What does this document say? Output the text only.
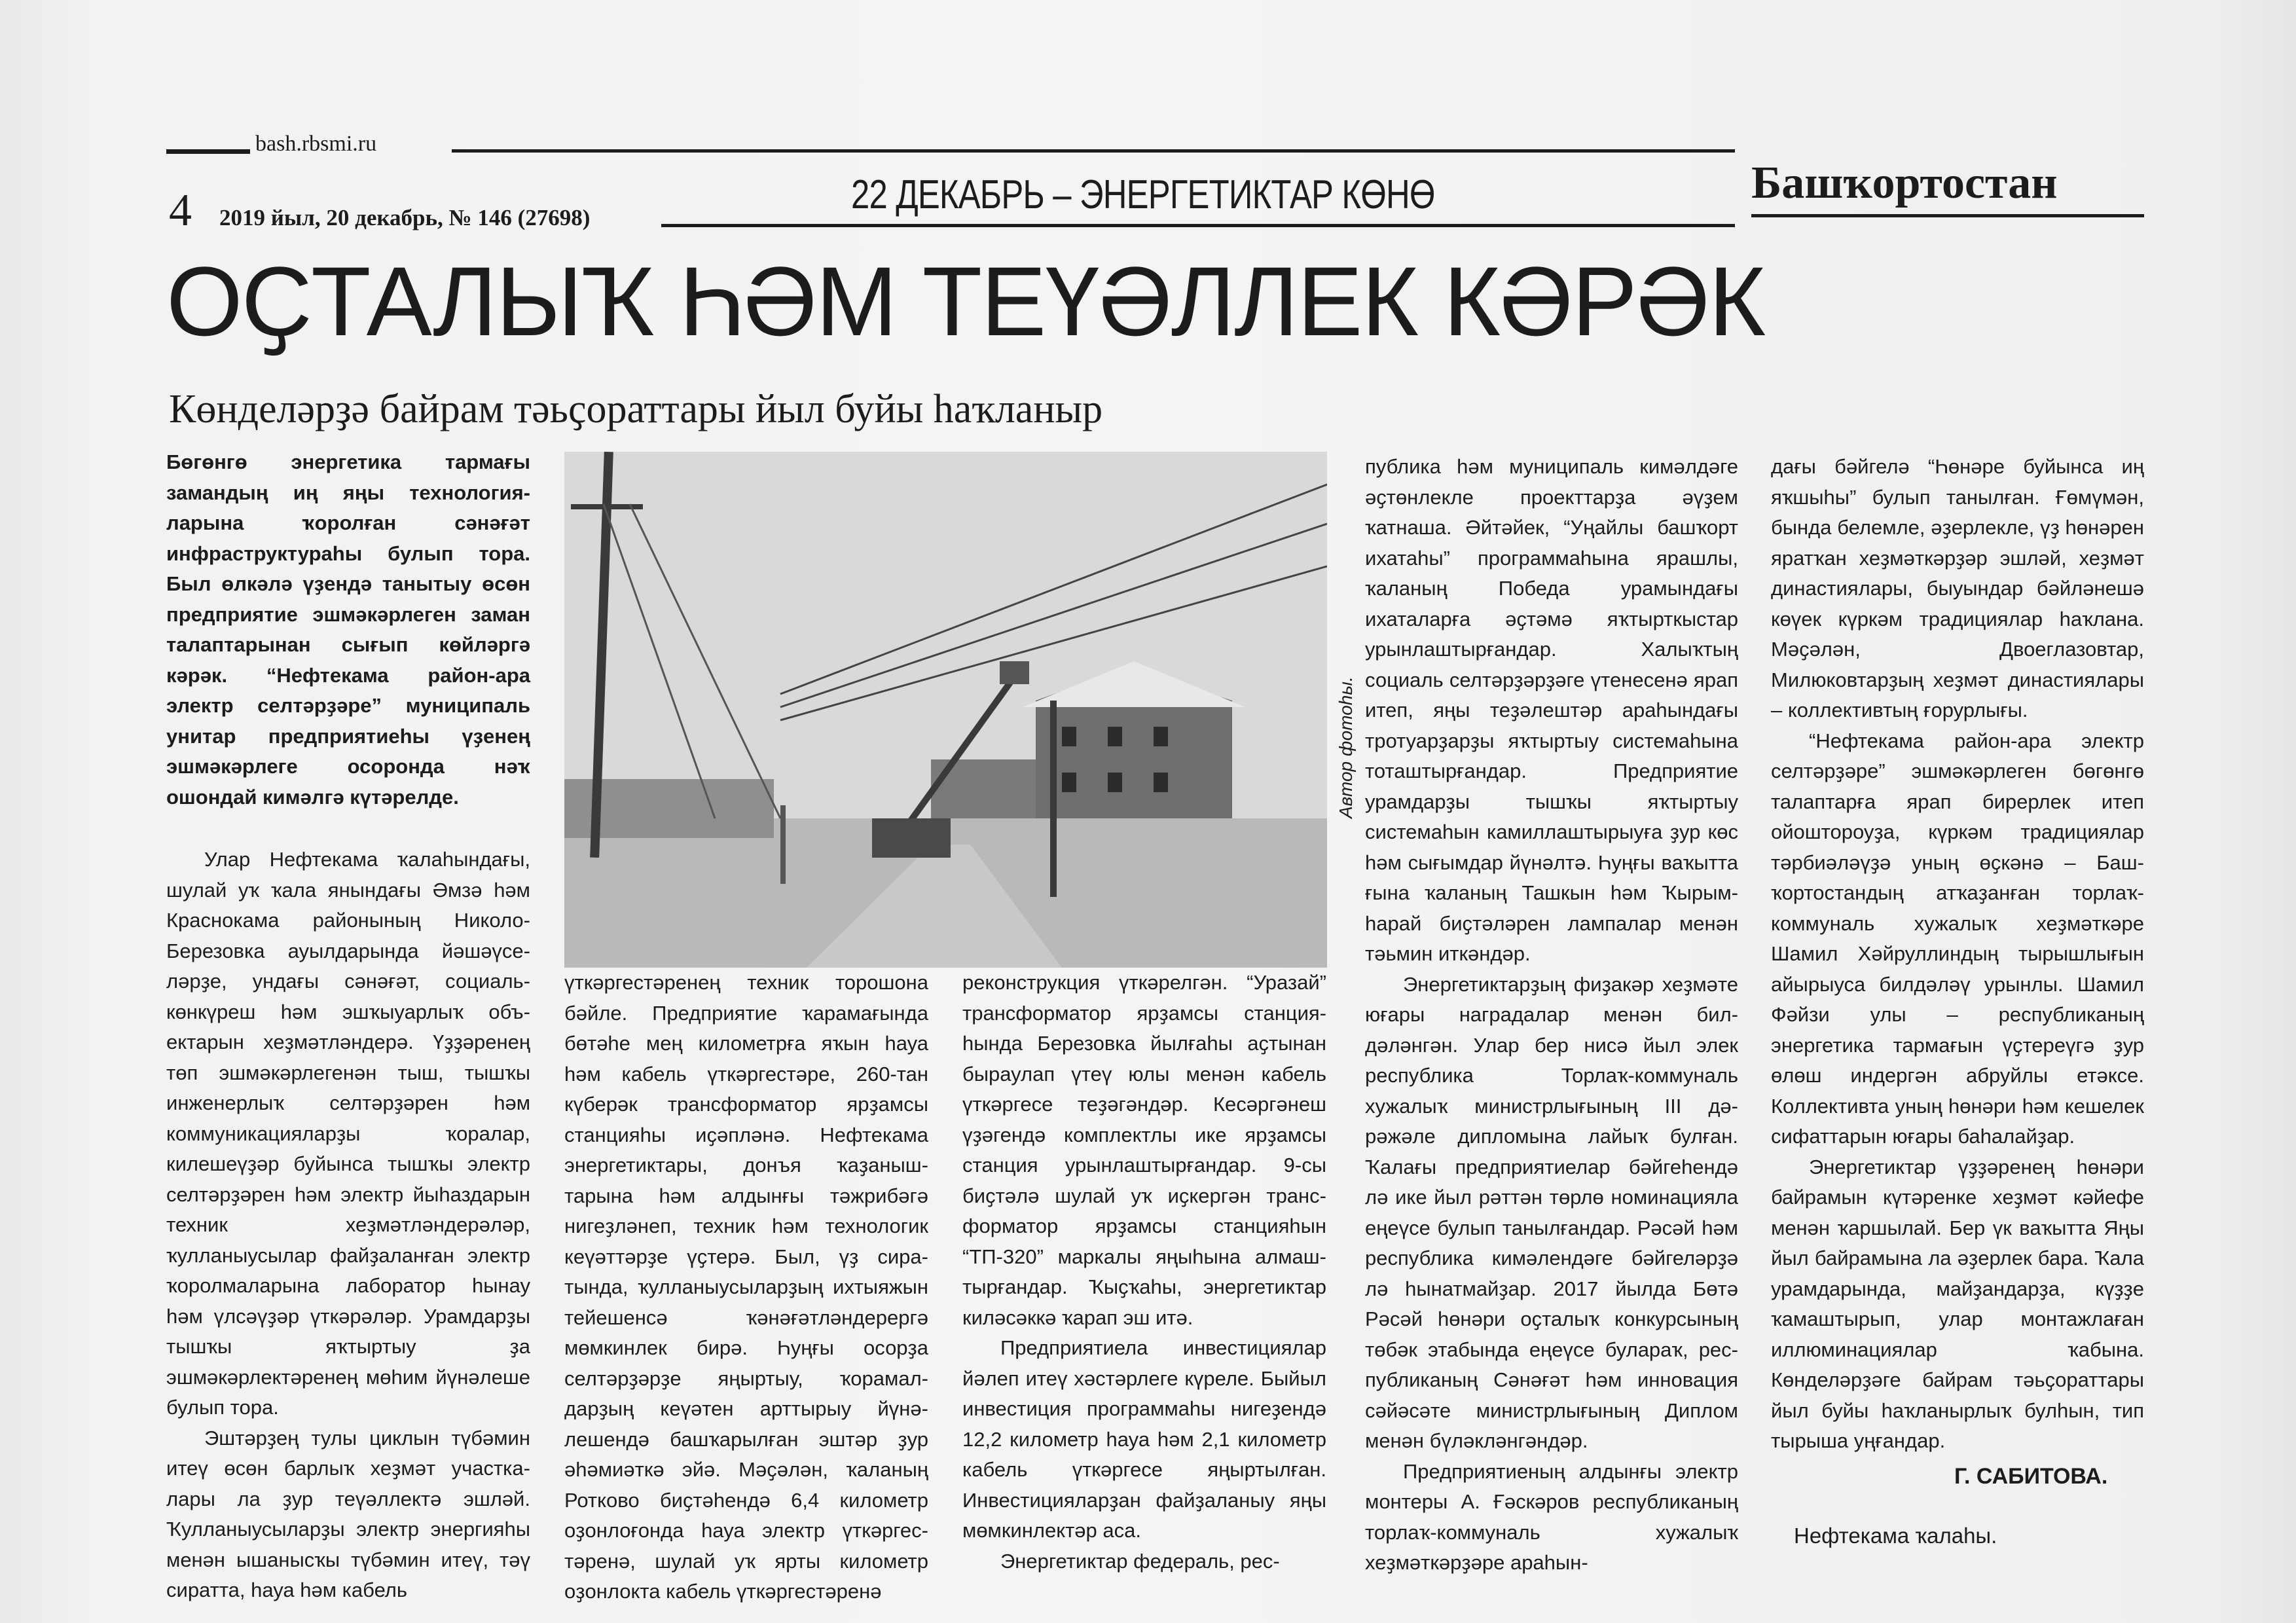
bash.rbsmi.ru
4 2019 йыл, 20 декабрь, № 146 (27698)
22 ДЕКАБРЬ – ЭНЕРГЕТИКТАР КӨНӨ	Башҡортостан
ОҪТАЛЫҠ ҺӘМ ТЕҮӘЛЛЕК КӘРӘК
Көнделәрҙә байрам тәьҫораттары йыл буйы һаҡланыр

Бөгөнгө энергетика тармағы замандың иң яңы технологияларына ҡоролған сәнәғәт инфраструктураһы булып тора. Был өлкәлә үҙендә танытыу өсөн предприятие эшмәкәрлеген заман талаптарынан сығып көйләргә кәрәк. “Нефтекама район-ара электр селтәрҙәре” муниципаль унитар предприятиеһы үҙенең эшмәкәрлеге осоронда нәҡ ошондай кимәлгә күтәрелде.	Автор фотоһы.

Улар Нефтекама ҡалаһындағы, шулай уҡ ҡала янындағы Әмзә һәм Краснокама районының Николо-Березовка ауылдарында йәшәүселәрҙе, ундағы сәнәғәт, социаль-көнкүреш һәм эшҡыуарлыҡ объектарын хеҙмәтләндерә. Үҙҙәренең төп эшмәкәрлегенән тыш, тышҡы инженерлыҡ селтәрҙәрен һәм коммуникацияларҙы ҡоралар, килешеүҙәр буйынса тышҡы электр селтәрҙәрен һәм электр йыһаздарын техник хеҙмәтләндерәләр, ҡулланыусылар файҙаланған электр ҡоролмаларына лаборатор һынау һәм үлсәүҙәр үткәрәләр. Урамдарҙы тышҡы яҡтыртыу ҙа эшмәкәрлектәренең мөһим йүнәлеше булып тора.

Эштәрҙең тулы циклын түбәмин итеү өсөн барлыҡ хеҙмәт участкалары ла ҙур теүәллектә эшләй. Ҡулланыусыларҙы электр энергияһы менән ышанысҡы түбәмин итеү, тәү сиратта, һауа һәм кабель

үткәргестәренең техник торошона бәйле. Предприятие ҡарамағында бөтәһе мең километрға яҡын һауа һәм кабель үткәргестәре, 260-тан күберәк трансформатор ярҙамсы станцияһы иҫәпләнә. Нефтекама энергетиктары, донъя ҡаҙаныштарына һәм алдынғы тәжрибәгә нигеҙләнеп, техник һәм технологик кеүәттәрҙе үҫтерә. Был, үҙ сиратында, ҡулланыусыларҙың ихтыяжын тейешенсә ҡәнәғәтләндерергә мөмкинлек бирә. Һуңғы осорҙа селтәрҙәрҙе яңыртыу, ҡорамалдарҙың кеүәтен арттырыу йүнәлешендә башҡарылған эштәр ҙур әһәмиәткә эйә. Мәҫәлән, ҡаланың Ротково биҫтәһендә 6,4 километр оҙонлоғонда һауа электр үткәргестәренә, шулай уҡ ярты километр оҙонлокта кабель үткәргестәренә

реконструкция үткәрелгән. “Уразай” трансформатор ярҙамсы станцияһында Березовка йылғаһы аҫтынан быраулап үтеү юлы менән кабель үткәргесе теҙәгәндәр. Кесәргәнеш үҙәгендә комплектлы ике ярҙамсы станция урынлаштырғандар. 9-сы биҫтәлә шулай уҡ иҫкергән трансформатор ярҙамсы станцияһын “ТП-320” маркалы яңыһына алмаштырғандар. Ҡыҫҡаһы, энергетиктар киләсәккә ҡарап эш итә.

Предприятиела инвестициялар йәлеп итеү хәстәрлеге күреле. Быйыл инвестиция программаһы нигеҙендә 12,2 километр һауа һәм 2,1 километр кабель үткәргесе яңыртылған. Инвестицияларҙан файҙаланыу яңы мөмкинлектәр аса.

Энергетиктар федераль, рес-

публика һәм муниципаль кимәлдәге әҫтөнлекле проекттарҙа әүҙем ҡатнаша. Әйтәйек, “Уңайлы башҡорт ихатаһы” программаһына ярашлы, ҡаланың Победа урамындағы ихаталарға әҫтәмә яҡтырткыстар урынлаштырғандар. Халыҡтың социаль селтәрҙәрҙәге үтенесенә ярап итеп, яңы теҙәлештәр араһындағы тротуарҙарҙы яҡтыртыу системаһына тоташтырғандар. Предприятие урамдарҙы тышҡы яҡтыртыу системаһын камиллаштырыуға ҙур көс һәм сығымдар йүнәлтә. Һуңғы ваҡытта ғына ҡаланың Ташкын һәм Ҡырымһарай биҫтәләрен лампалар менән тәьмин иткәндәр.

Энергетиктарҙың фиҙакәр хеҙмәте юғары наградалар менән билдәләнгән. Улар бер нисә йыл элек республика Торлаҡ-коммуналь хужалыҡ министрлығының III дәрәжәле дипломына лайыҡ булған. Ҡалағы предприятиелар бәйгеһендә лә ике йыл рәттән төрлө номинацияла еңеүсе булып танылғандар. Рәсәй һәм республика кимәлендәге бәйгеләрҙә лә һынатмайҙар. 2017 йылда Бөтә Рәсәй һөнәри оҫталыҡ конкурсының төбәк этабында еңеүсе булараҡ, республиканың Сәнәғәт һәм инновация сәйәсәте министрлығының Диплом менән бүләкләнгәндәр.

Предприятиеның алдынғы электр монтеры А. Ғәскәров республиканың торлаҡ-коммуналь хужалыҡ хеҙмәткәрҙәре араһын-

дағы бәйгелә “Һөнәре буйынса иң яҡшыһы” булып танылған. Ғөмүмән, бында белемле, әҙерлекле, үҙ һөнәрен яратҡан хеҙмәткәрҙәр эшләй, хеҙмәт династиялары, быуындар бәйләнешә көүек күркәм традициялар һаҡлана. Мәҫәлән, Двоеглазовтар, Милюковтарҙың хеҙмәт династиялары – коллективтың ғорурлығы.

“Нефтекама район-ара электр селтәрҙәре” эшмәкәрлеген бөгөнгө талаптарға ярап бирерлек итеп ойоштороуҙа, күркәм традициялар тәрбиәләүҙә уның өҫкәнә – Башҡортостандың атҡаҙанған торлаҡ-коммуналь хужалыҡ хеҙмәткәре Шамил Хәйруллиндың тырышлығын айырыуса билдәләү урынлы. Шамил Фәйзи улы – республиканың энергетика тармағын үҫтереүгә ҙур өлөш индергән абруйлы етәксе. Коллективта уның һөнәри һәм кешелек сифаттарын юғары баһалайҙар.

Энергетиктар үҙҙәренең һөнәри байрамын күтәренке хеҙмәт кәйефе менән ҡаршылай. Бер үк ваҡытта Яңы йыл байрамына ла әҙерлек бара. Ҡала урамдарында, майҙандарҙа, күҙҙе ҡамаштырып, улар монтажлаған иллюминациялар ҡабына. Көнделәрҙәге байрам тәьҫораттары йыл буйы һаҡланырлыҡ булһын, тип тырыша уңғандар.

Г. САБИТОВА.
Нефтекама ҡалаһы.
